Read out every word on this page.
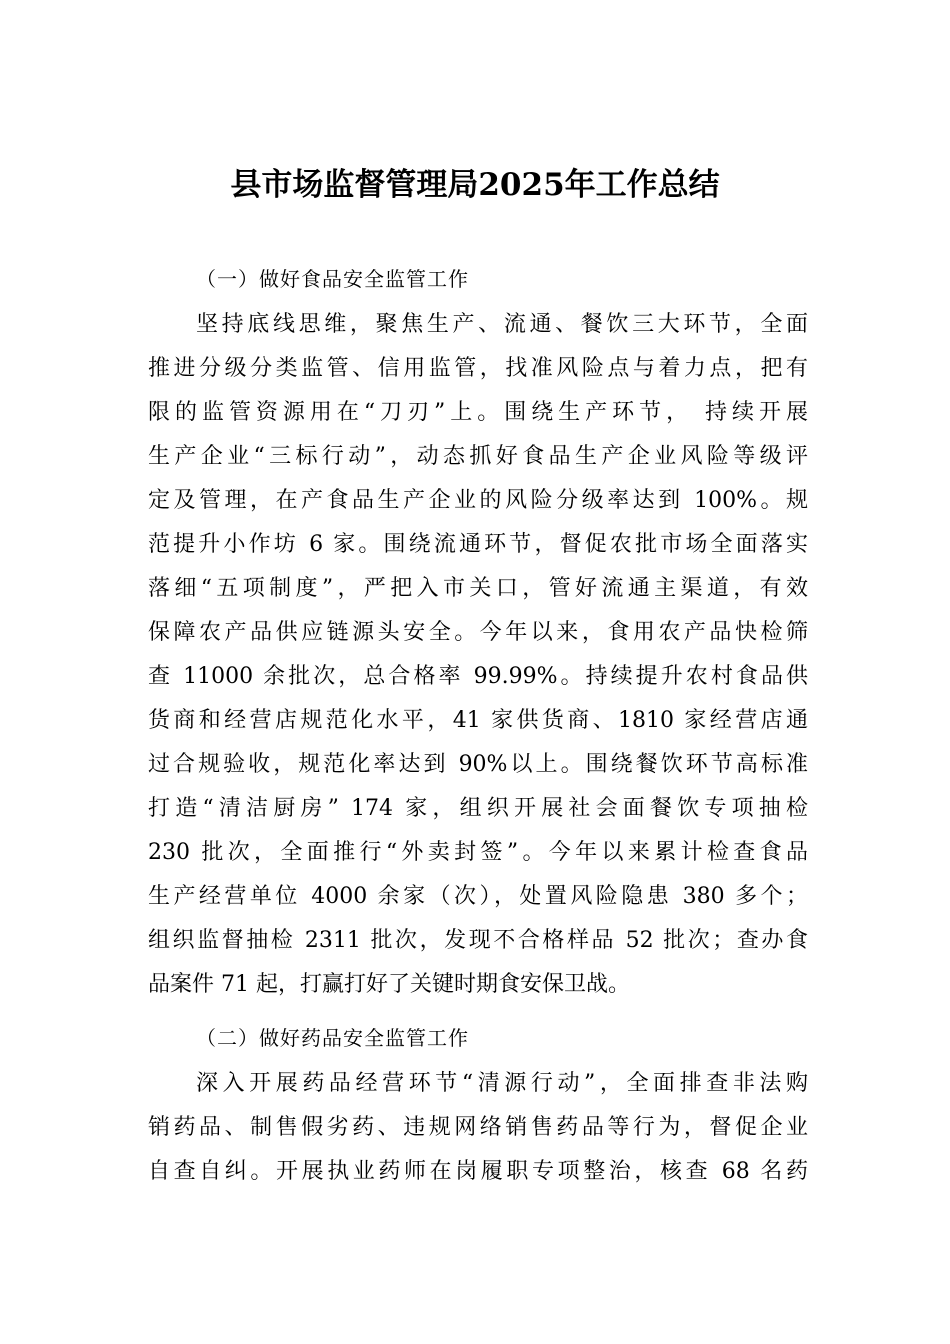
县市场监督管理局2025年工作总结
（一）做好食品安全监管工作
坚持底线思维，聚焦生产、流通、餐饮三大环节，全面
推进分级分类监管、信用监管，找准风险点与着力点，把有
限的监管资源用在“刀刃”上。围绕生产环节， 持续开展
生产企业“三标行动”，动态抓好食品生产企业风险等级评
定及管理，在产食品生产企业的风险分级率达到 100%。规
范提升小作坊 6 家。围绕流通环节，督促农批市场全面落实
落细“五项制度”，严把入市关口，管好流通主渠道，有效
保障农产品供应链源头安全。今年以来，食用农产品快检筛
查 11000 余批次，总合格率 99.99%。持续提升农村食品供
货商和经营店规范化水平，41 家供货商、1810 家经营店通
过合规验收，规范化率达到 90%以上。围绕餐饮环节高标准
打造“清洁厨房” 174 家，组织开展社会面餐饮专项抽检
230 批次，全面推行“外卖封签”。今年以来累计检查食品
生产经营单位 4000 余家（次），处置风险隐患 380 多个；
组织监督抽检 2311 批次，发现不合格样品 52 批次；查办食
品案件 71 起，打赢打好了关键时期食安保卫战。
（二）做好药品安全监管工作
深入开展药品经营环节“清源行动”，全面排查非法购
销药品、制售假劣药、违规网络销售药品等行为，督促企业
自查自纠。开展执业药师在岗履职专项整治，核查 68 名药
